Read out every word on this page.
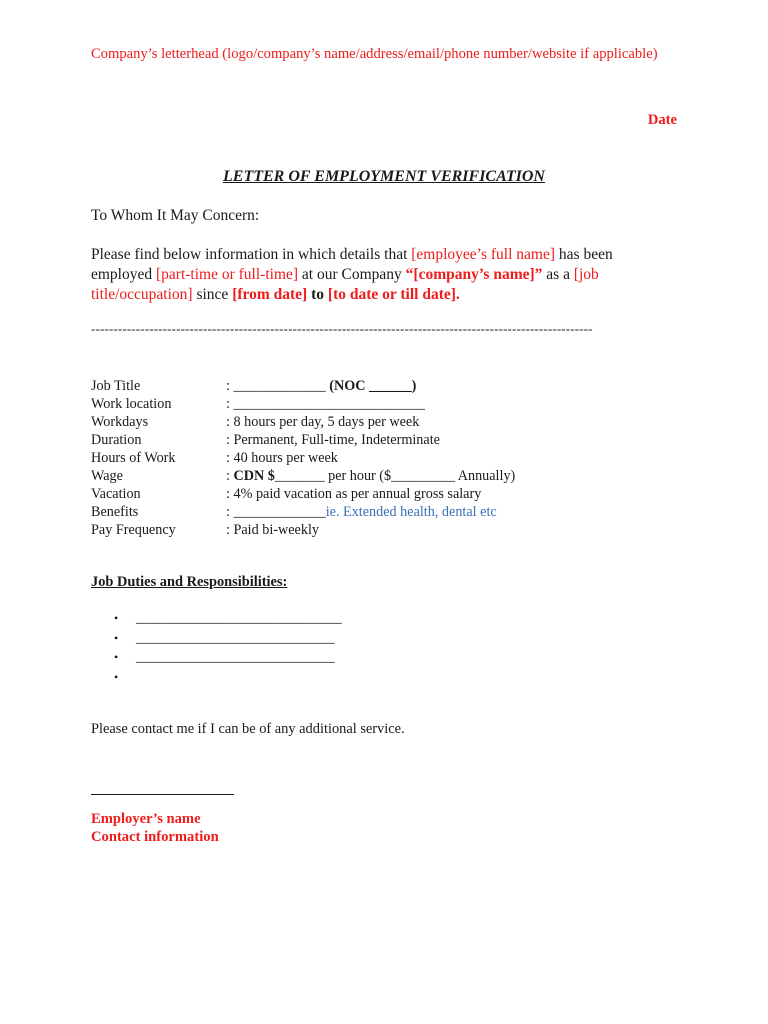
Company’s letterhead (logo/company’s name/address/email/phone number/website if applicable)
Date
LETTER OF EMPLOYMENT VERIFICATION
To Whom It May Concern:
Please find below information in which details that [employee’s full name] has been employed [part-time or full-time] at our Company “[company’s name]” as a [job title/occupation] since [from date] to [to date or till date].
----------------------------------------------------------------------------------------------------------------
Job Title	: _____________ (NOC ______)
Work location	: ___________________________
Workdays	: 8 hours per day, 5 days per week
Duration	: Permanent, Full-time, Indeterminate
Hours of Work	: 40 hours per week
Wage	: CDN $_______ per hour ($_________ Annually)
Vacation	: 4% paid vacation as per annual gross salary
Benefits	: _____________ie. Extended health, dental etc
Pay Frequency	: Paid bi-weekly
Job Duties and Responsibilities:
•	_____________________________
•	____________________________
•	____________________________
•
Please contact me if I can be of any additional service.
Employer’s name
Contact information
